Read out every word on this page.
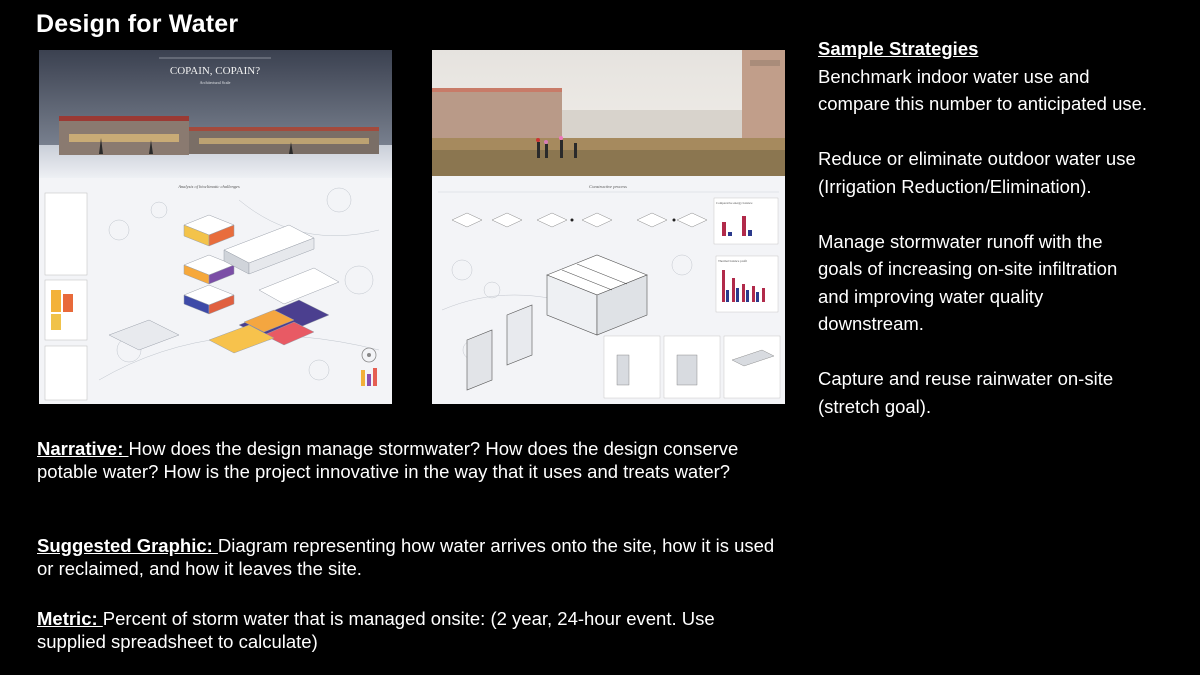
Design for Water
COPAIN, COPAIN?
Architectural Scale
Analysis of bioclimatic challenges	Constructive process
Comparative energy balance
Thermal balance profil
Narrative: How does the design manage stormwater? How does the design conserve potable water? How is the project innovative in the way that it uses and treats water?
Suggested Graphic: Diagram representing how water arrives onto the site, how it is used or reclaimed, and how it leaves the site.
Metric: Percent of storm water that is managed onsite: (2 year, 24-hour event. Use supplied spreadsheet to calculate)
Sample Strategies

Benchmark indoor water use and compare this number to anticipated use.

Reduce or eliminate outdoor water use (Irrigation Reduction/Elimination).

Manage stormwater runoff with the goals of increasing on-site infiltration and improving water quality downstream.

Capture and reuse rainwater on-site (stretch goal).
